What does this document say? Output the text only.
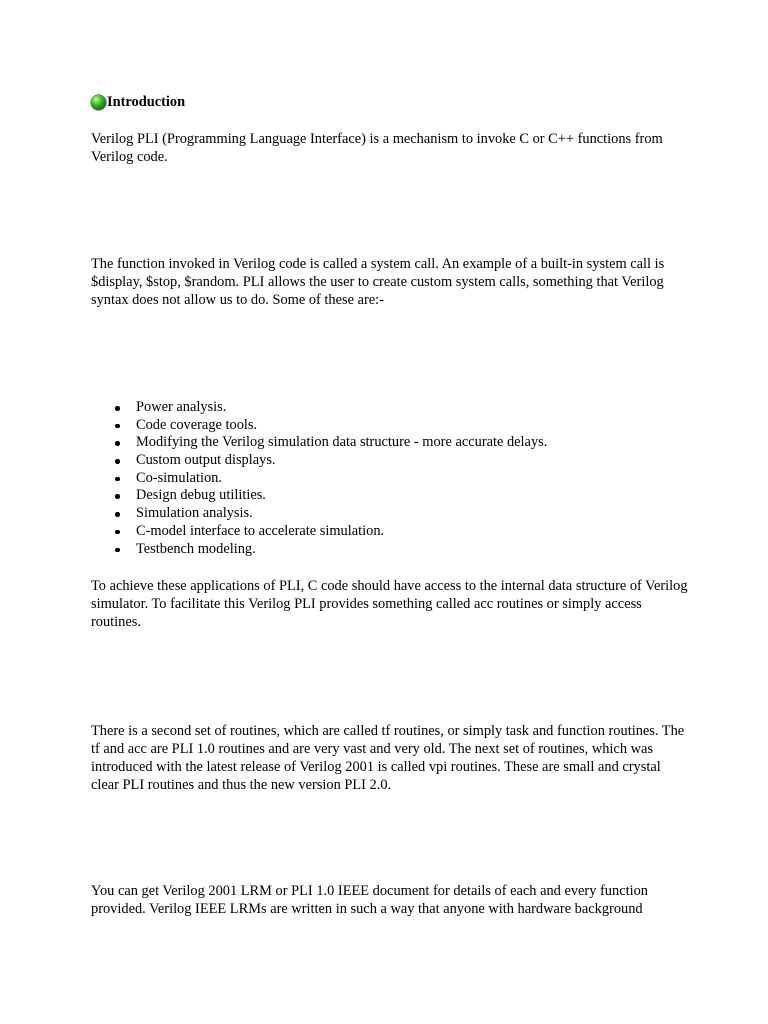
Introduction

Verilog PLI (Programming Language Interface) is a mechanism to invoke C or C++ functions from Verilog code.

The function invoked in Verilog code is called a system call. An example of a built-in system call is $display, $stop, $random. PLI allows the user to create custom system calls, something that Verilog syntax does not allow us to do. Some of these are:-

Power analysis.
Code coverage tools.
Modifying the Verilog simulation data structure - more accurate delays.
Custom output displays.
Co-simulation.
Design debug utilities.
Simulation analysis.
C-model interface to accelerate simulation.
Testbench modeling.

To achieve these applications of PLI, C code should have access to the internal data structure of Verilog simulator. To facilitate this Verilog PLI provides something called acc routines or simply access routines.

There is a second set of routines, which are called tf routines, or simply task and function routines. The tf and acc are PLI 1.0 routines and are very vast and very old. The next set of routines, which was introduced with the latest release of Verilog 2001 is called vpi routines. These are small and crystal clear PLI routines and thus the new version PLI 2.0.

You can get Verilog 2001 LRM or PLI 1.0 IEEE document for details of each and every function provided. Verilog IEEE LRMs are written in such a way that anyone with hardware background
